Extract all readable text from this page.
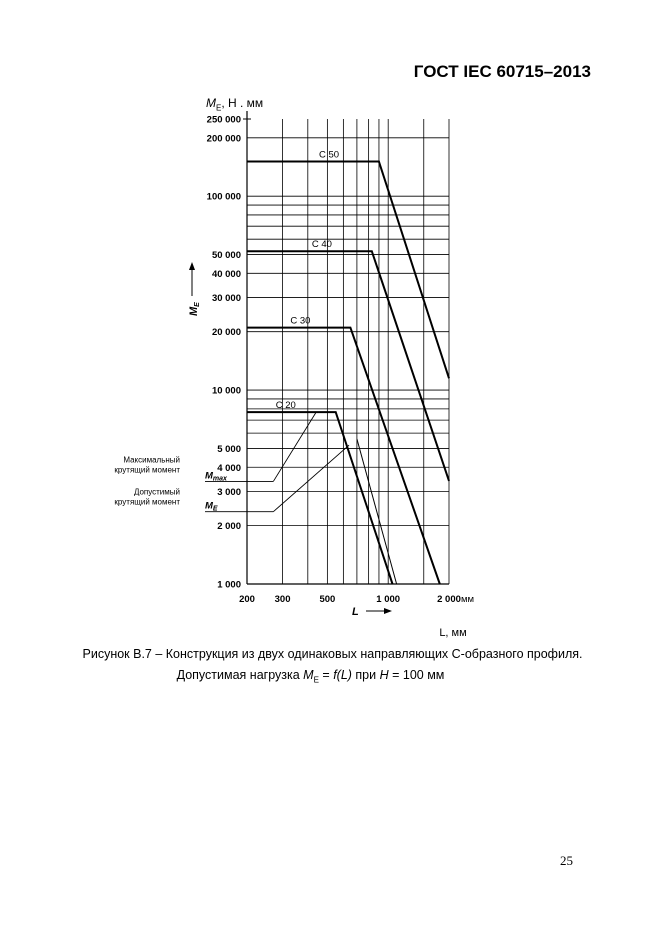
ГОСТ IEC 60715–2013
$M_E$, Н . мм
250 000
200 000
100 000
50 000
40 000
30 000
20 000
10 000
5 000
4 000
3 000
2 000
1 000
200 300	500	1 000	2 000 мм
L
L, мм
ME
C 50
C 40
C 30
C 20
Максимальный
крутящий момент
$M_{max}$
Допустимый
крутящий момент	$M_E$
Рисунок В.7 – Конструкция из двух одинаковых направляющих С-образного профиля.
Допустимая нагрузка $M_E = f(L)$ при H = 100 мм
25
